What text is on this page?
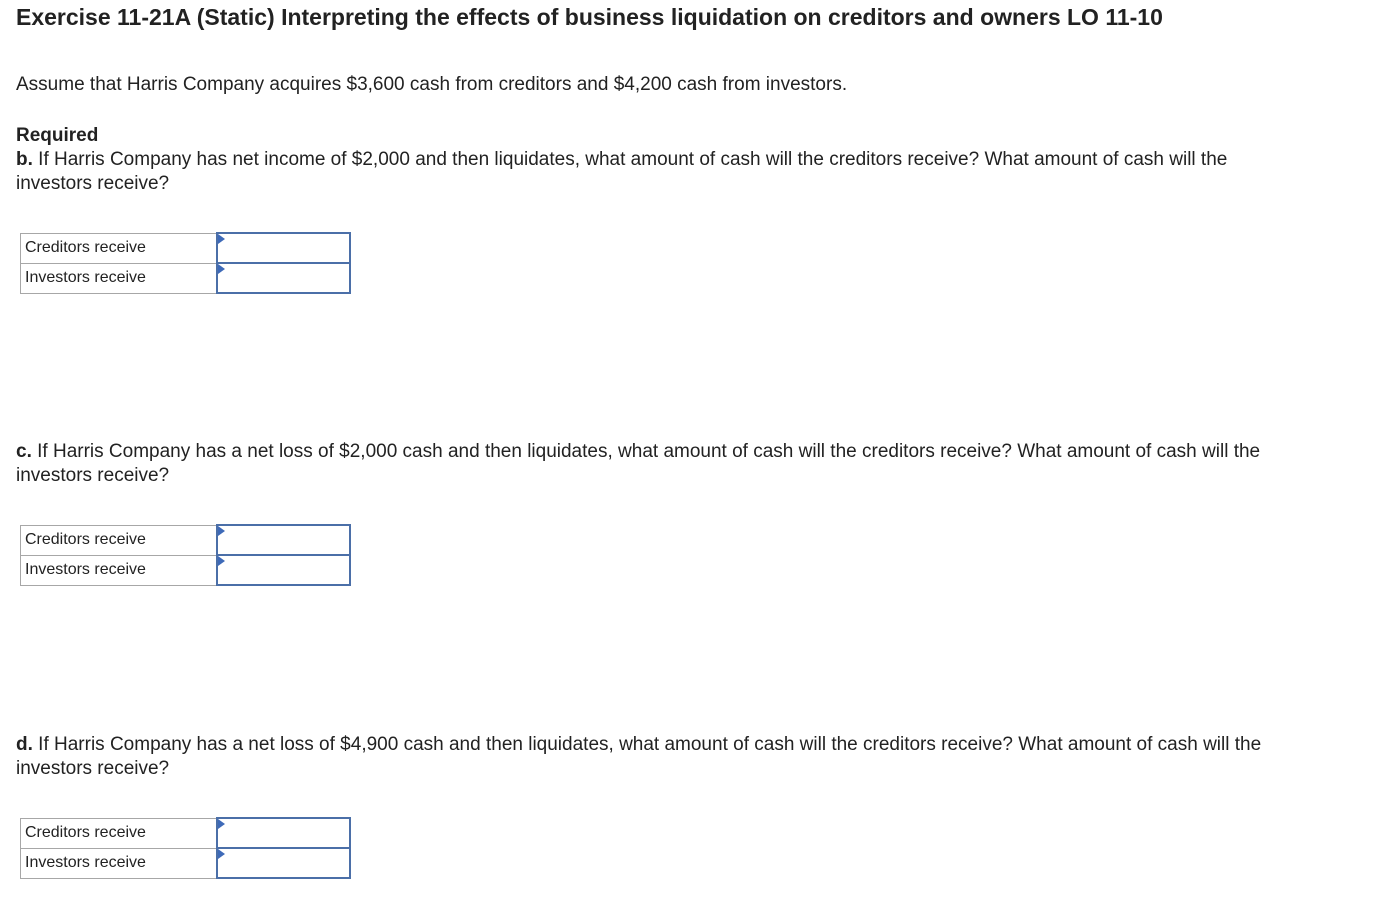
Exercise 11-21A (Static) Interpreting the effects of business liquidation on creditors and owners LO 11-10
Assume that Harris Company acquires $3,600 cash from creditors and $4,200 cash from investors.
Required
b. If Harris Company has net income of $2,000 and then liquidates, what amount of cash will the creditors receive? What amount of cash will the investors receive?
Creditors receive	

Investors receive	
c. If Harris Company has a net loss of $2,000 cash and then liquidates, what amount of cash will the creditors receive? What amount of cash will the investors receive?
Creditors receive	

Investors receive	
d. If Harris Company has a net loss of $4,900 cash and then liquidates, what amount of cash will the creditors receive? What amount of cash will the investors receive?
Creditors receive	

Investors receive	
